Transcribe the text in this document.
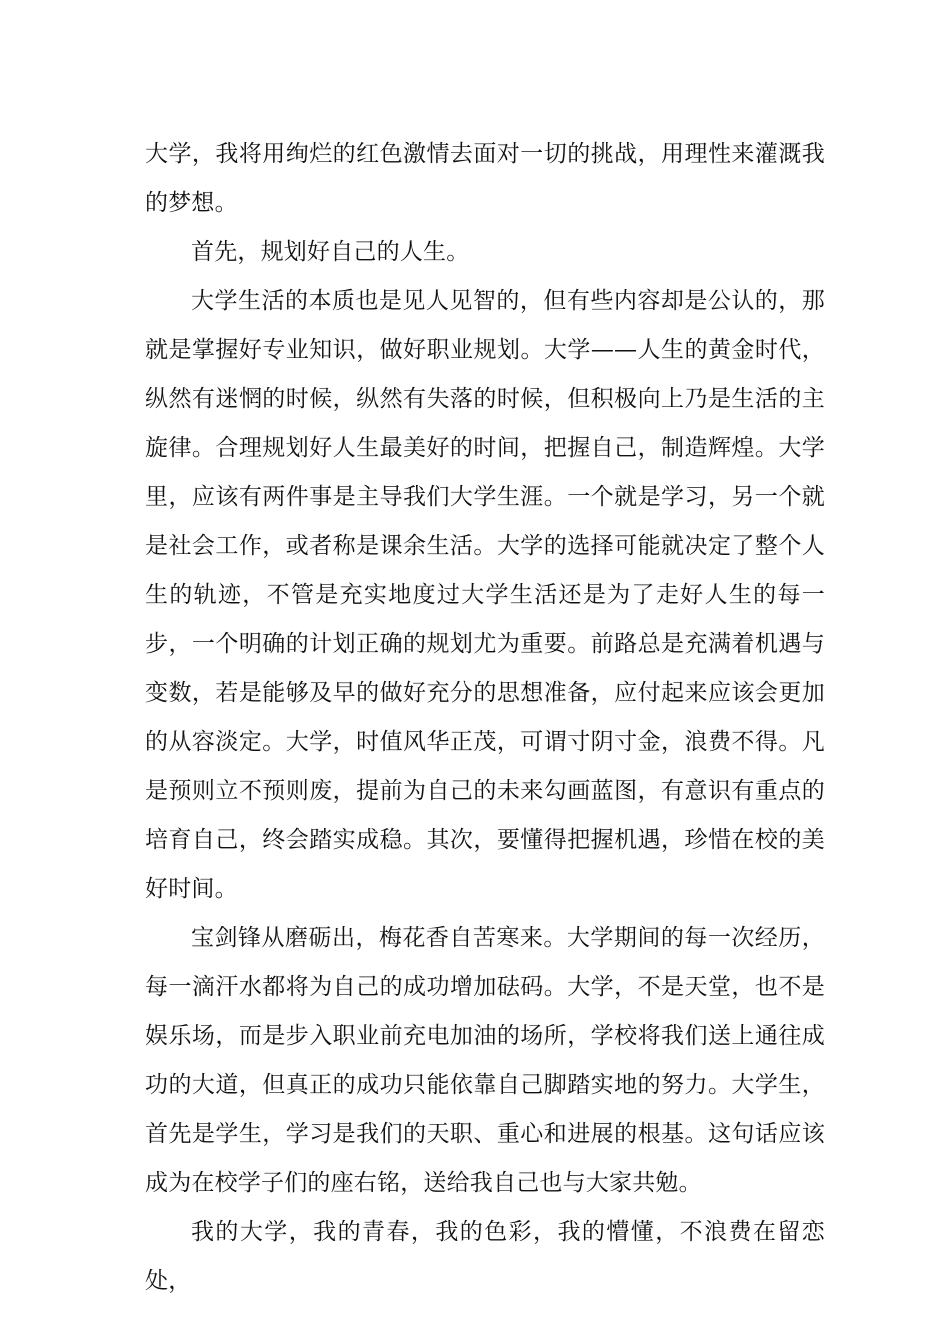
大学，我将用绚烂的红色激情去面对一切的挑战，用理性来灌溉我的梦想。

首先，规划好自己的人生。

大学生活的本质也是见人见智的，但有些内容却是公认的，那就是掌握好专业知识，做好职业规划。大学——人生的黄金时代，纵然有迷惘的时候，纵然有失落的时候，但积极向上乃是生活的主旋律。合理规划好人生最美好的时间，把握自己，制造辉煌。大学里，应该有两件事是主导我们大学生涯。一个就是学习，另一个就是社会工作，或者称是课余生活。大学的选择可能就决定了整个人生的轨迹，不管是充实地度过大学生活还是为了走好人生的每一步，一个明确的计划正确的规划尤为重要。前路总是充满着机遇与变数，若是能够及早的做好充分的思想准备，应付起来应该会更加的从容淡定。大学，时值风华正茂，可谓寸阴寸金，浪费不得。凡是预则立不预则废，提前为自己的未来勾画蓝图，有意识有重点的培育自己，终会踏实成稳。其次，要懂得把握机遇，珍惜在校的美好时间。

宝剑锋从磨砺出，梅花香自苦寒来。大学期间的每一次经历，每一滴汗水都将为自己的成功增加砝码。大学，不是天堂，也不是娱乐场，而是步入职业前充电加油的场所，学校将我们送上通往成功的大道，但真正的成功只能依靠自己脚踏实地的努力。大学生，首先是学生，学习是我们的天职、重心和进展的根基。这句话应该成为在校学子们的座右铭，送给我自己也与大家共勉。

我的大学，我的青春，我的色彩，我的懵懂，不浪费在留恋处，
